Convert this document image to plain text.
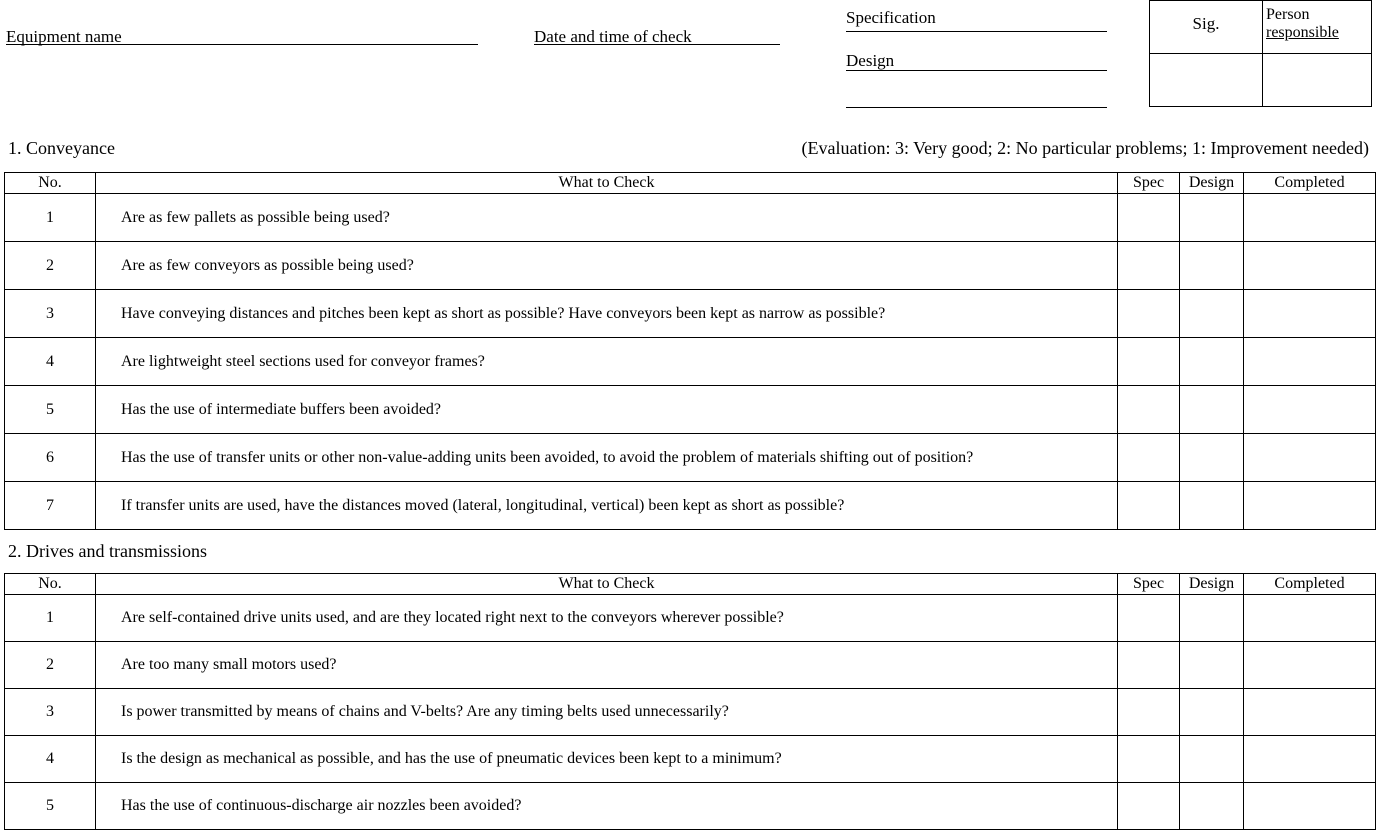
Equipment name	Date and time of check
Specification
Design
Sig.	Person
responsible
1. Conveyance	(Evaluation: 3: Very good; 2: No particular problems; 1: Improvement needed)
No.	What to Check	Spec	Design	Completed
1	Are as few pallets as possible being used?			
2	Are as few conveyors as possible being used?			
3	Have conveying distances and pitches been kept as short as possible? Have conveyors been kept as narrow as possible?			
4	Are lightweight steel sections used for conveyor frames?			
5	Has the use of intermediate buffers been avoided?			
6	Has the use of transfer units or other non-value-adding units been avoided, to avoid the problem of materials shifting out of position?			
7	If transfer units are used, have the distances moved (lateral, longitudinal, vertical) been kept as short as possible?			
2. Drives and transmissions
No.	What to Check	Spec	Design	Completed
1	Are self-contained drive units used, and are they located right next to the conveyors wherever possible?			
2	Are too many small motors used?			
3	Is power transmitted by means of chains and V-belts? Are any timing belts used unnecessarily?			
4	Is the design as mechanical as possible, and has the use of pneumatic devices been kept to a minimum?			
5	Has the use of continuous-discharge air nozzles been avoided?			
